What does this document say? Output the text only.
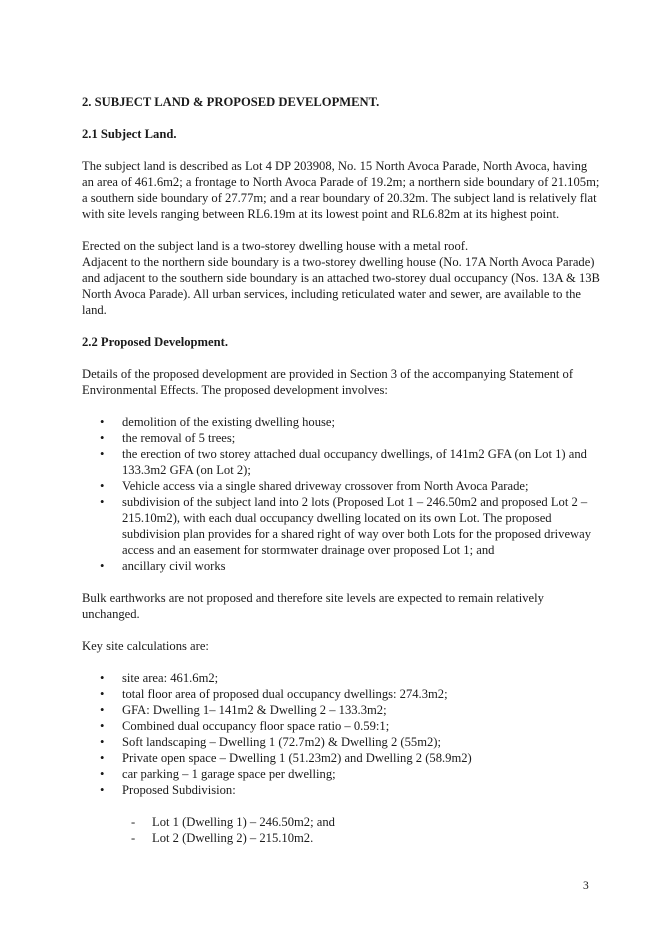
2. SUBJECT LAND & PROPOSED DEVELOPMENT.
2.1 Subject Land.

The subject land is described as Lot 4 DP 203908, No. 15 North Avoca Parade, North Avoca, having an area of 461.6m2; a frontage to North Avoca Parade of 19.2m; a northern side boundary of 21.105m; a southern side boundary of 27.77m; and a rear boundary of 20.32m. The subject land is relatively flat with site levels ranging between RL6.19m at its lowest point and RL6.82m at its highest point.

Erected on the subject land is a two-storey dwelling house with a metal roof.
Adjacent to the northern side boundary is a two-storey dwelling house (No. 17A North Avoca Parade) and adjacent to the southern side boundary is an attached two-storey dual occupancy (Nos. 13A & 13B North Avoca Parade). All urban services, including reticulated water and sewer, are available to the land.

2.2 Proposed Development.

Details of the proposed development are provided in Section 3 of the accompanying Statement of Environmental Effects. The proposed development involves:

• demolition of the existing dwelling house;
• the removal of 5 trees;
• the erection of two storey attached dual occupancy dwellings, of 141m2 GFA (on Lot 1) and 133.3m2 GFA (on Lot 2);
• Vehicle access via a single shared driveway crossover from North Avoca Parade;
• subdivision of the subject land into 2 lots (Proposed Lot 1 – 246.50m2 and proposed Lot 2 – 215.10m2), with each dual occupancy dwelling located on its own Lot. The proposed subdivision plan provides for a shared right of way over both Lots for the proposed driveway access and an easement for stormwater drainage over proposed Lot 1; and
• ancillary civil works

Bulk earthworks are not proposed and therefore site levels are expected to remain relatively unchanged.

Key site calculations are:

• site area: 461.6m2;
• total floor area of proposed dual occupancy dwellings: 274.3m2;
• GFA: Dwelling 1– 141m2 & Dwelling 2 – 133.3m2;
• Combined dual occupancy floor space ratio – 0.59:1;
• Soft landscaping – Dwelling 1 (72.7m2) & Dwelling 2 (55m2);
• Private open space – Dwelling 1 (51.23m2) and Dwelling 2 (58.9m2)
• car parking – 1 garage space per dwelling;
• Proposed Subdivision:
- Lot 1 (Dwelling 1) – 246.50m2; and
- Lot 2 (Dwelling 2) – 215.10m2.
3
